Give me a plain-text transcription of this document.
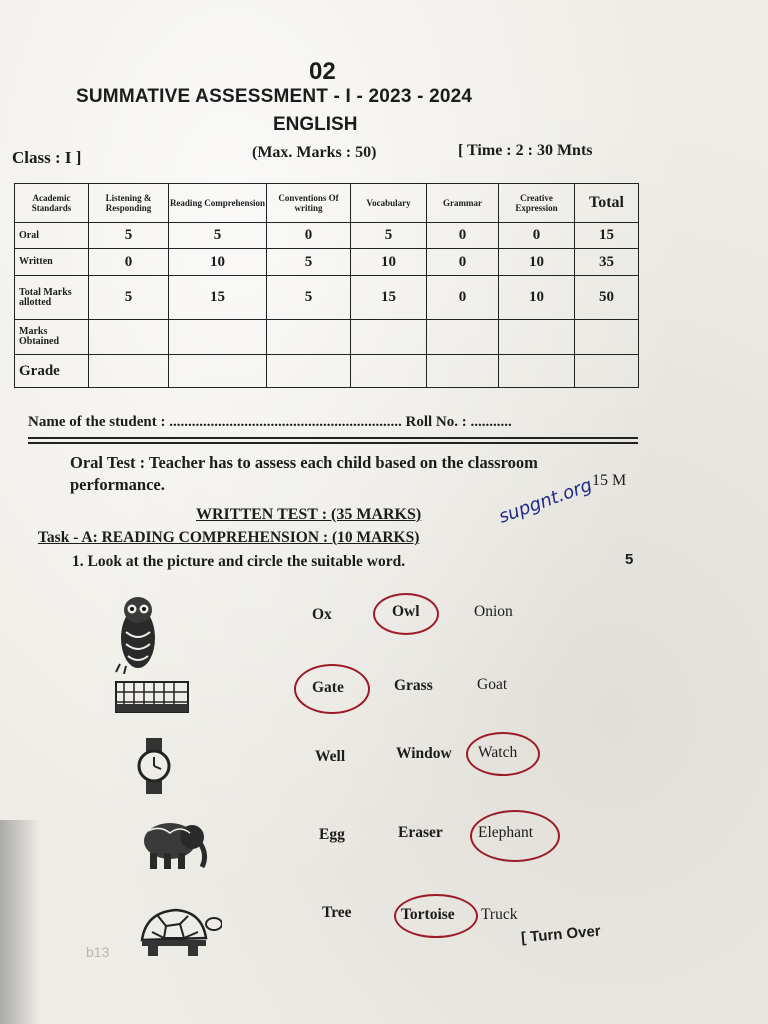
02
SUMMATIVE ASSESSMENT - I - 2023 - 2024
ENGLISH
Class : I ]	(Max. Marks : 50)	[ Time : 2 : 30 Mnts
Academic Standards	Listening & Responding	Reading Comprehension	Conventions Of writing	Vocabulary	Grammar	Creative Expression	Total
Oral	5	5	0	5	0	0	15
Written	0	10	5	10	0	10	35
Total Marks allotted	5	15	5	15	0	10	50
Marks Obtained							
Grade							
Name of the student : .............................................................. Roll No. : ...........
Oral Test : Teacher has to assess each child based on the classroom performance.	15 M
WRITTEN TEST : (35 MARKS)
Task - A: READING COMPREHENSION : (10 MARKS)
1. Look at the picture and circle the suitable word.	5
supgnt.org
Ox	Owl	Onion
Gate	Grass	Goat
Well	Window Watch
Egg	Eraser Elephant
Tree	Tortoise Truck
b13
[ Turn Over
